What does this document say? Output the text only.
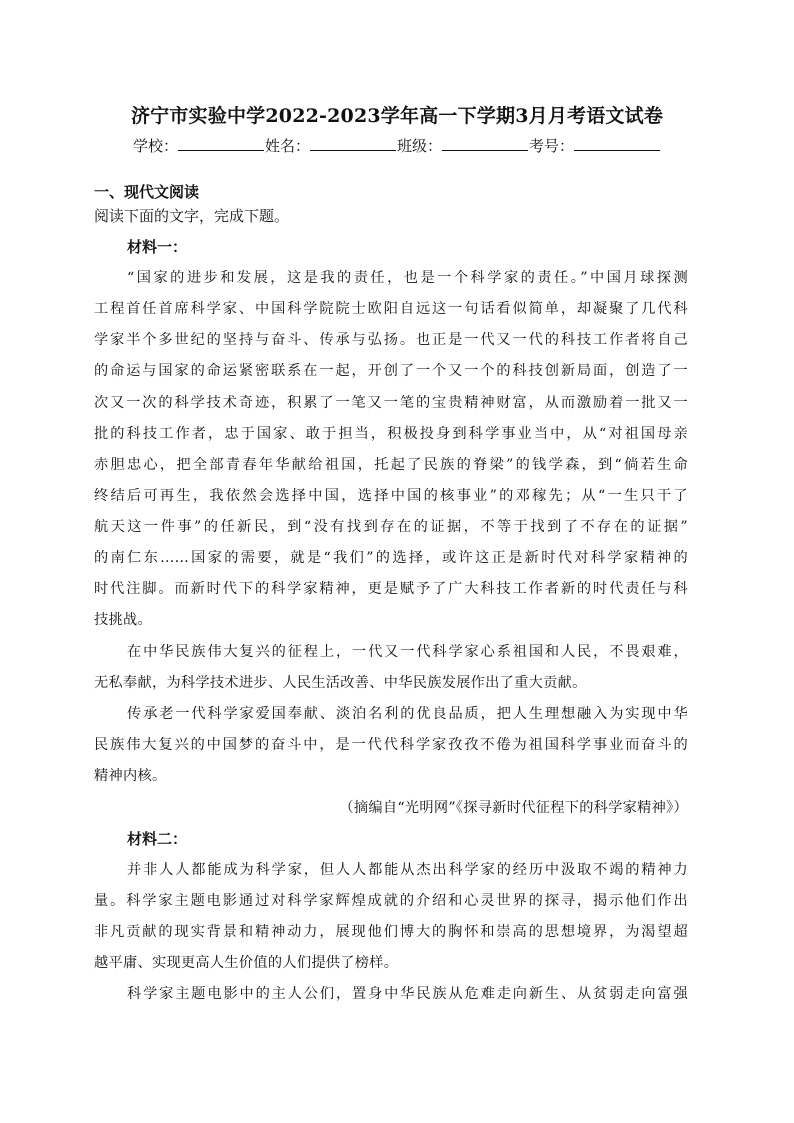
济宁市实验中学2022-2023学年高一下学期3月月考语文试卷
学校：	姓名：	班级：	考号：
一、现代文阅读
阅读下面的文字，完成下题。
材料一：
“国家的进步和发展，这是我的责任，也是一个科学家的责任。”中国月球探测
工程首任首席科学家、中国科学院院士欧阳自远这一句话看似简单，却凝聚了几代科
学家半个多世纪的坚持与奋斗、传承与弘扬。也正是一代又一代的科技工作者将自己
的命运与国家的命运紧密联系在一起，开创了一个又一个的科技创新局面，创造了一
次又一次的科学技术奇迹，积累了一笔又一笔的宝贵精神财富，从而激励着一批又一
批的科技工作者，忠于国家、敢于担当，积极投身到科学事业当中，从“对祖国母亲
赤胆忠心，把全部青春年华献给祖国，托起了民族的脊梁”的钱学森，到“倘若生命
终结后可再生，我依然会选择中国，选择中国的核事业”的邓稼先；从“一生只干了
航天这一件事”的任新民，到“没有找到存在的证据，不等于找到了不存在的证据”
的南仁东……国家的需要，就是“我们”的选择，或许这正是新时代对科学家精神的
时代注脚。而新时代下的科学家精神，更是赋予了广大科技工作者新的时代责任与科
技挑战。
在中华民族伟大复兴的征程上，一代又一代科学家心系祖国和人民，不畏艰难，
无私奉献，为科学技术进步、人民生活改善、中华民族发展作出了重大贡献。
传承老一代科学家爱国奉献、淡泊名利的优良品质，把人生理想融入为实现中华
民族伟大复兴的中国梦的奋斗中，是一代代科学家孜孜不倦为祖国科学事业而奋斗的
精神内核。
（摘编自“光明网”《探寻新时代征程下的科学家精神》）
材料二：
并非人人都能成为科学家，但人人都能从杰出科学家的经历中汲取不竭的精神力
量。科学家主题电影通过对科学家辉煌成就的介绍和心灵世界的探寻，揭示他们作出
非凡贡献的现实背景和精神动力，展现他们博大的胸怀和崇高的思想境界，为渴望超
越平庸、实现更高人生价值的人们提供了榜样。
科学家主题电影中的主人公们，置身中华民族从危难走向新生、从贫弱走向富强
